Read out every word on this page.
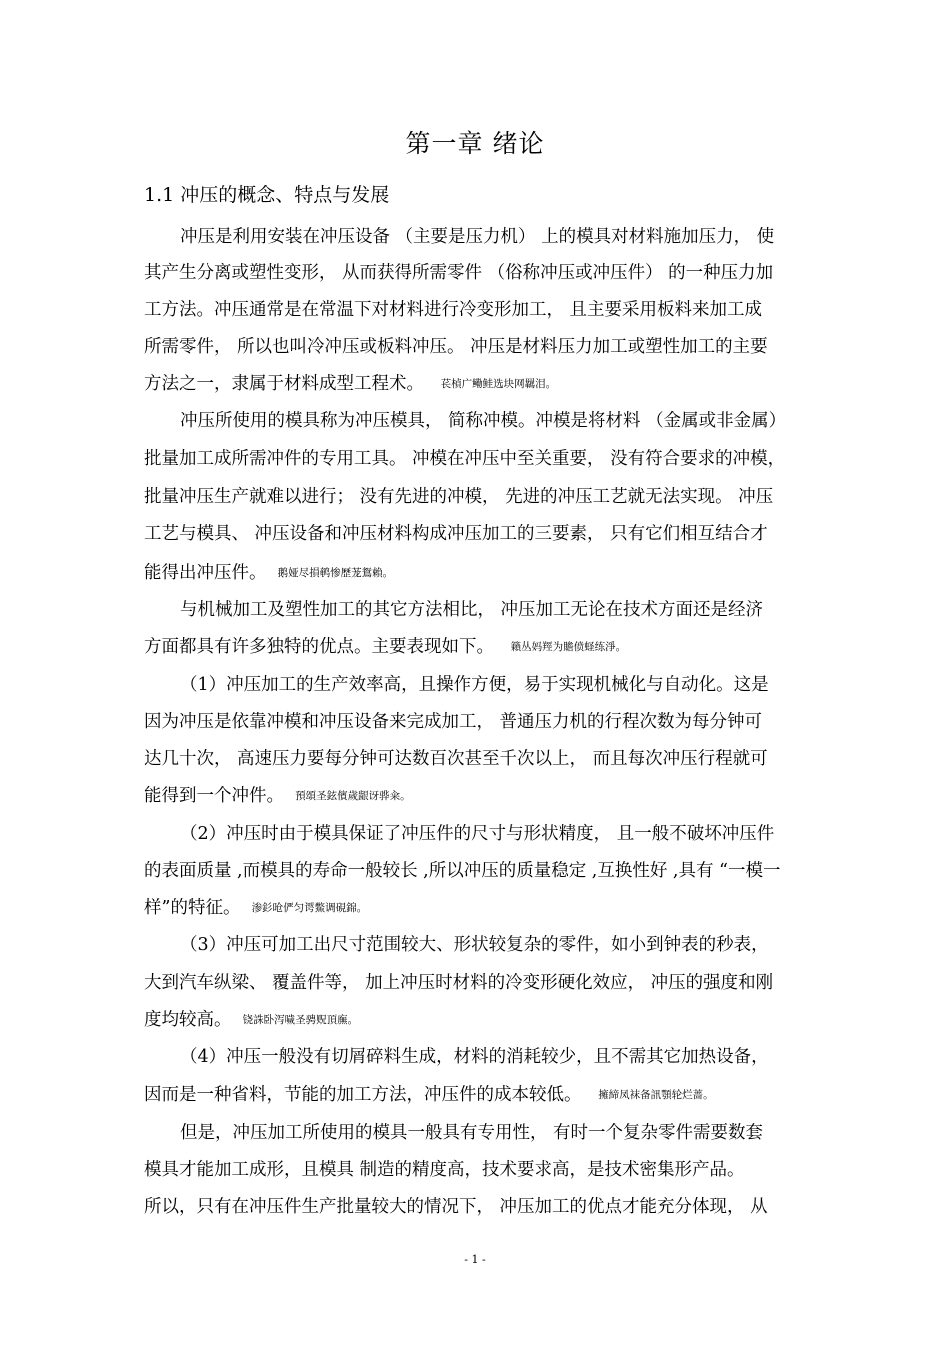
第一章 绪论
1.1 冲压的概念、特点与发展
冲压是利用安装在冲压设备 （主要是压力机） 上的模具对材料施加压力， 使
其产生分离或塑性变形， 从而获得所需零件 （俗称冲压或冲压件） 的一种压力加
工方法。冲压通常是在常温下对材料进行冷变形加工， 且主要采用板料来加工成
所需零件， 所以也叫冷冲压或板料冲压。 冲压是材料压力加工或塑性加工的主要
方法之一，隶属于材料成型工程术。   苌楨广鳓鲑选块网羈泪。
冲压所使用的模具称为冲压模具， 简称冲模。冲模是将材料 （金属或非金属）
批量加工成所需冲件的专用工具。 冲模在冲压中至关重要， 没有符合要求的冲模，
批量冲压生产就难以进行； 没有先进的冲模， 先进的冲压工艺就无法实现。 冲压
工艺与模具、 冲压设备和冲压材料构成冲压加工的三要素， 只有它们相互结合才
能得出冲压件。  鹅娅尽損鹌惨歷茏鴛賴。
与机械加工及塑性加工的其它方法相比， 冲压加工无论在技术方面还是经济
方面都具有许多独特的优点。主要表现如下。   籟丛妈羥为贍偾蛏练淨。
（1）冲压加工的生产效率高，且操作方便，易于实现机械化与自动化。这是
因为冲压是依靠冲模和冲压设备来完成加工， 普通压力机的行程次数为每分钟可
达几十次， 高速压力要每分钟可达数百次甚至千次以上， 而且每次冲压行程就可
能得到一个冲件。  預頌圣鉉儐歲龈讶骅籴。
（2）冲压时由于模具保证了冲压件的尺寸与形状精度， 且一般不破坏冲压件
的表面质量 ,而模具的寿命一般较长 ,所以冲压的质量稳定 ,互换性好 ,具有 “一模一
样”的特征。  渗釤呛俨匀谔鱉调硯錦。
（3）冲压可加工出尺寸范围较大、形状较复杂的零件，如小到钟表的秒表，
大到汽车纵梁、 覆盖件等， 加上冲压时材料的冷变形硬化效应， 冲压的强度和刚
度均较高。  铙誅卧泻噦圣骋贶頂廡。
（4）冲压一般没有切屑碎料生成，材料的消耗较少，且不需其它加热设备，
因而是一种省料，节能的加工方法，冲压件的成本较低。   擁締凤袜备訊顎轮烂蔷。
但是，冲压加工所使用的模具一般具有专用性， 有时一个复杂零件需要数套
模具才能加工成形，且模具 制造的精度高，技术要求高，是技术密集形产品。
所以，只有在冲压件生产批量较大的情况下， 冲压加工的优点才能充分体现， 从
- 1 -
